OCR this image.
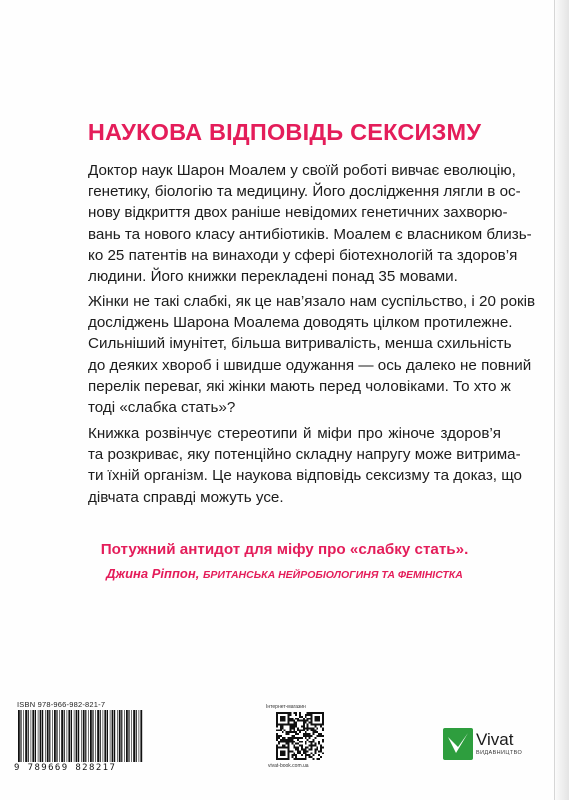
НАУКОВА ВІДПОВІДЬ СЕКСИЗМУ
Доктор наук Шарон Моалем у своїй роботі вивчає еволюцію,
генетику, біологію та медицину. Його дослідження лягли в ос-
нову відкриття двох раніше невідомих генетичних захворю-
вань та нового класу антибіотиків. Моалем є власником близь-
ко 25 патентів на винаходи у сфері біотехнологій та здоров’я
людини. Його книжки перекладені понад 35 мовами.
Жінки не такі слабкі, як це нав’язало нам суспільство, і 20 років
досліджень Шарона Моалема доводять цілком протилежне.
Сильніший імунітет, більша витривалість, менша схильність
до деяких хвороб і швидше одужання — ось далеко не повний
перелік переваг, які жінки мають перед чоловіками. То хто ж
тоді «слабка стать»?
Книжка розвінчує стереотипи й міфи про жіноче здоров’я
та розкриває, яку потенційно складну напругу може витрима-
ти їхній організм. Це наукова відповідь сексизму та доказ, що
дівчата справді можуть усе.

Потужний антидот для міфу про «слабку стать».

Джина Ріппон, БРИТАНСЬКА НЕЙРОБІОЛОГИНЯ ТА ФЕМІНІСТКА

ISBN 978-966-982-821-7
9 789669 828217
Інтернет-магазин
vivat-book.com.ua
Vivat
ВИДАВНИЦТВО
